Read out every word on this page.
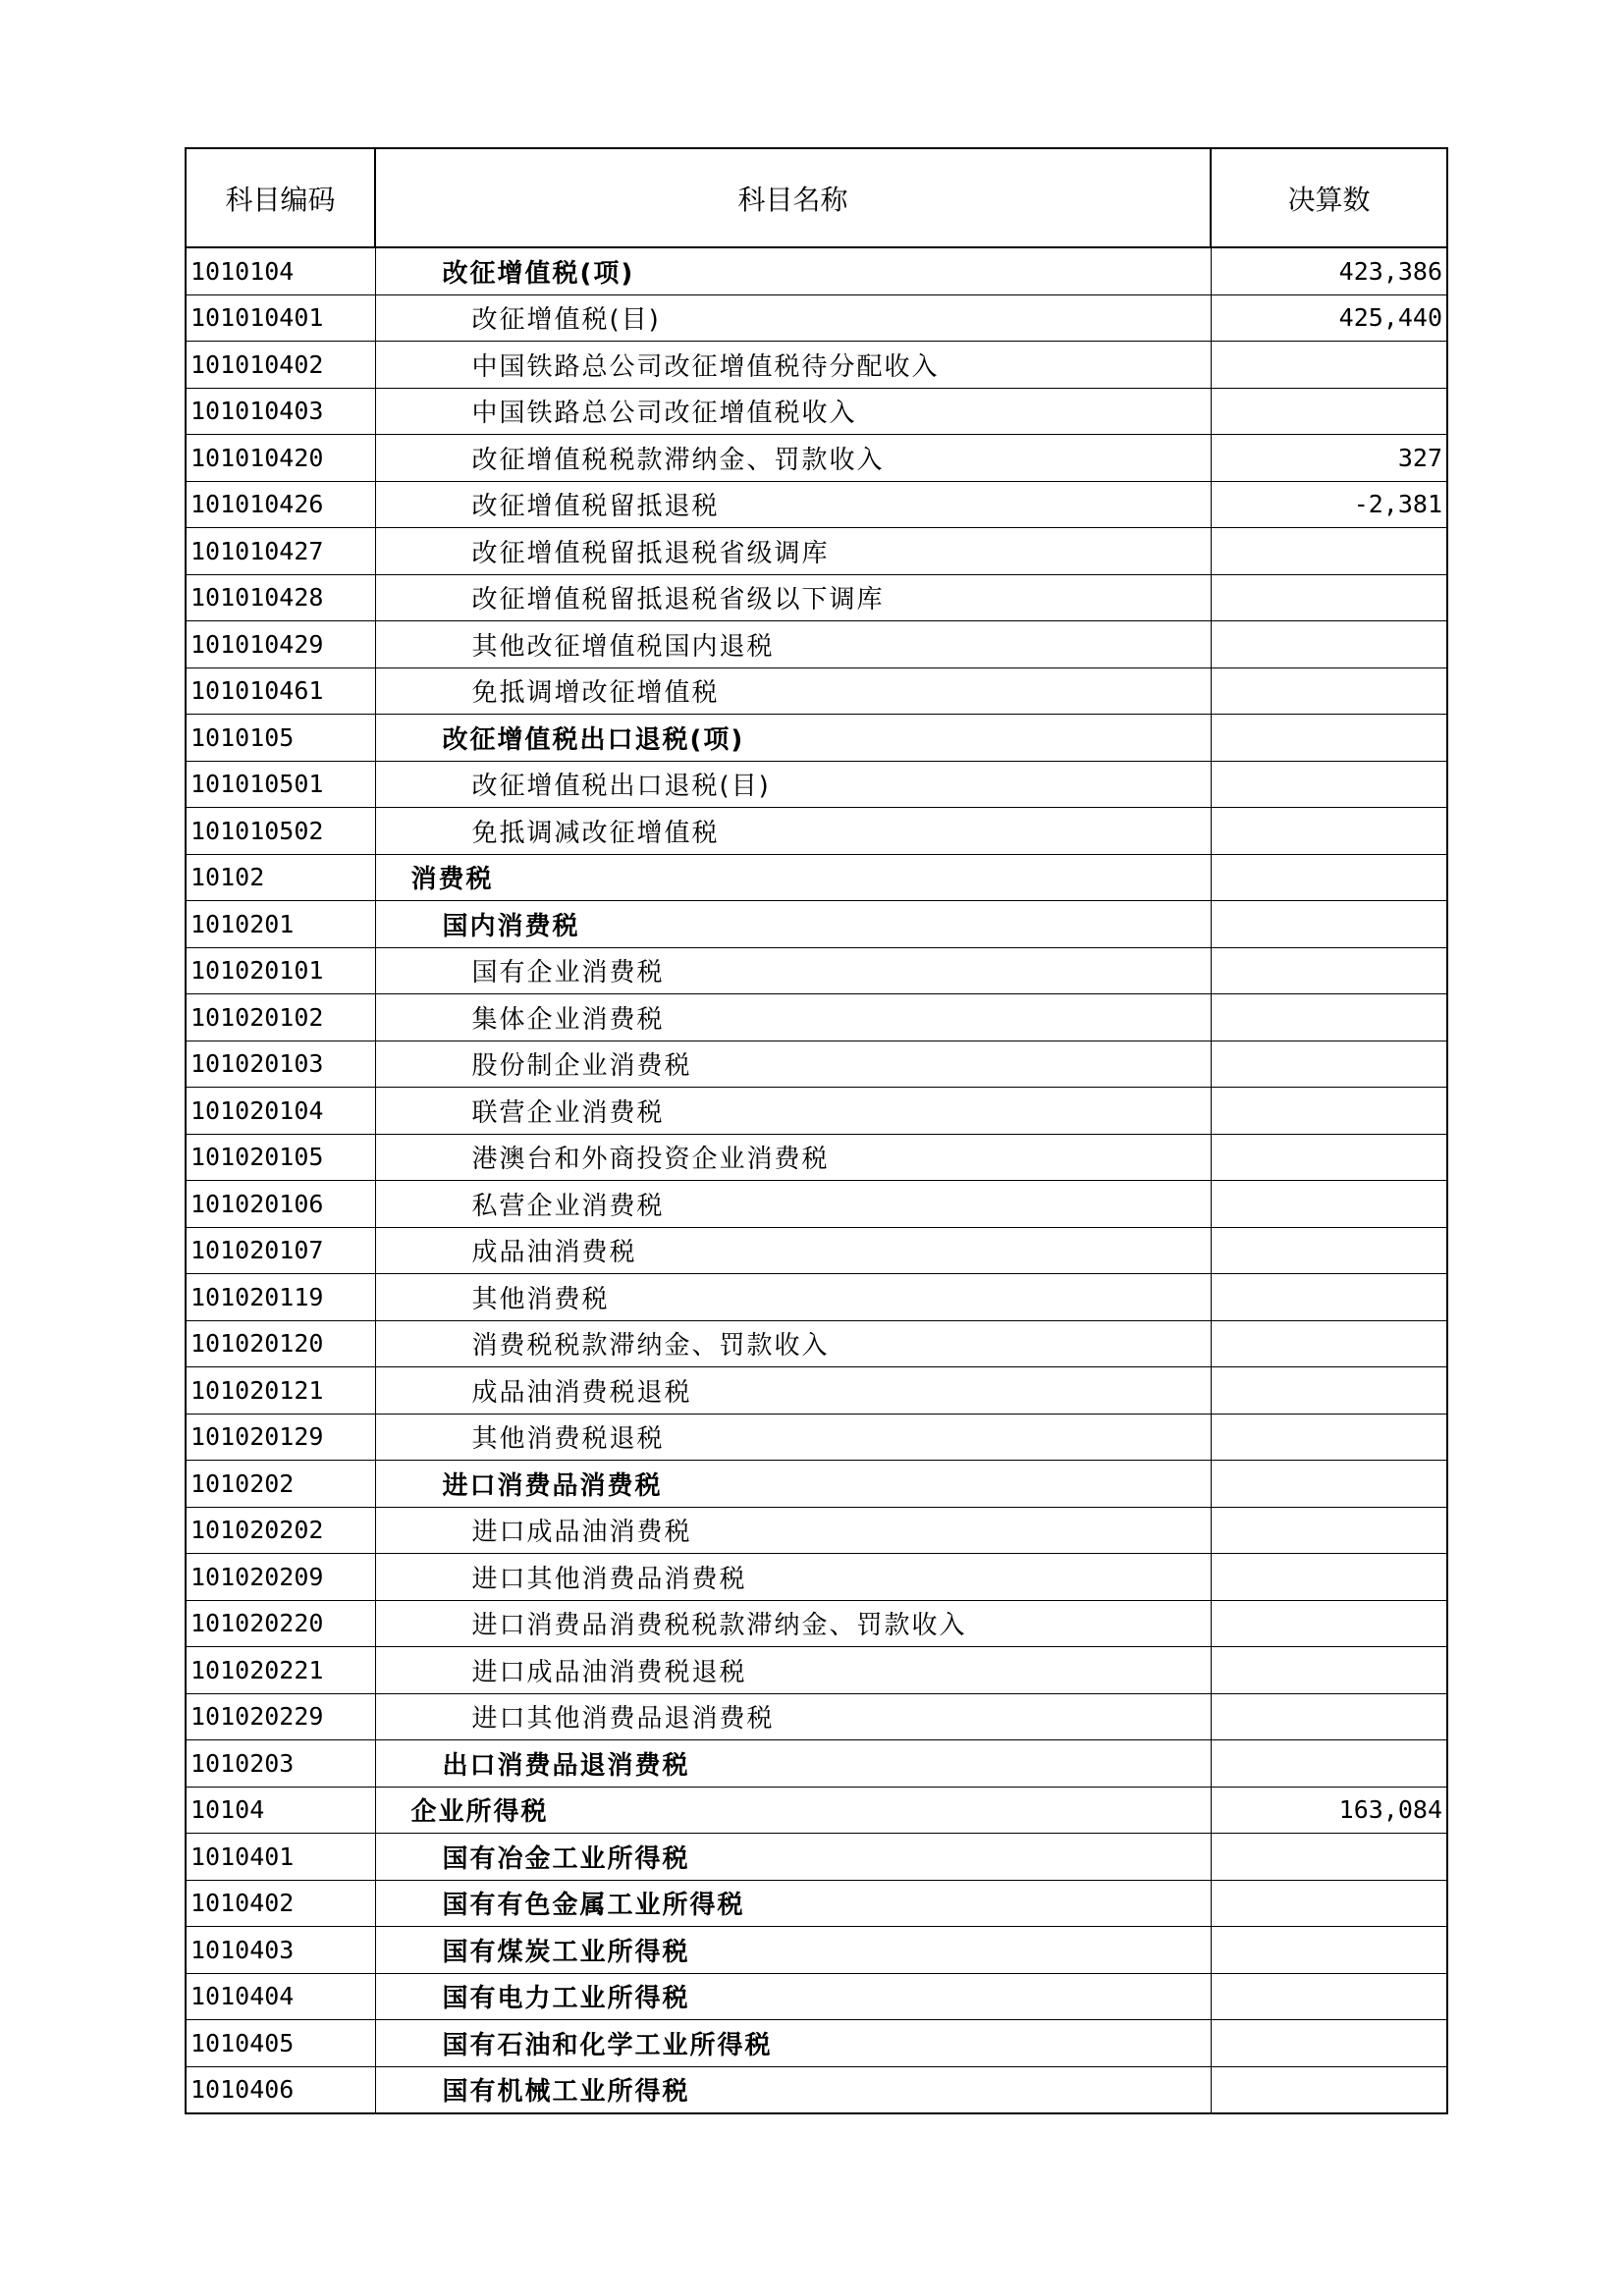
科目编码	科目名称	决算数
1010104	改征增值税(项)	423,386
101010401	改征增值税(目)	425,440
101010402	中国铁路总公司改征增值税待分配收入	
101010403	中国铁路总公司改征增值税收入	
101010420	改征增值税税款滞纳金、罚款收入	327
101010426	改征增值税留抵退税	-2,381
101010427	改征增值税留抵退税省级调库	
101010428	改征增值税留抵退税省级以下调库	
101010429	其他改征增值税国内退税	
101010461	免抵调增改征增值税	
1010105	改征增值税出口退税(项)	
101010501	改征增值税出口退税(目)	
101010502	免抵调减改征增值税	
10102	消费税	
1010201	国内消费税	
101020101	国有企业消费税	
101020102	集体企业消费税	
101020103	股份制企业消费税	
101020104	联营企业消费税	
101020105	港澳台和外商投资企业消费税	
101020106	私营企业消费税	
101020107	成品油消费税	
101020119	其他消费税	
101020120	消费税税款滞纳金、罚款收入	
101020121	成品油消费税退税	
101020129	其他消费税退税	
1010202	进口消费品消费税	
101020202	进口成品油消费税	
101020209	进口其他消费品消费税	
101020220	进口消费品消费税税款滞纳金、罚款收入	
101020221	进口成品油消费税退税	
101020229	进口其他消费品退消费税	
1010203	出口消费品退消费税	
10104	企业所得税	163,084
1010401	国有冶金工业所得税	
1010402	国有有色金属工业所得税	
1010403	国有煤炭工业所得税	
1010404	国有电力工业所得税	
1010405	国有石油和化学工业所得税	
1010406	国有机械工业所得税	
